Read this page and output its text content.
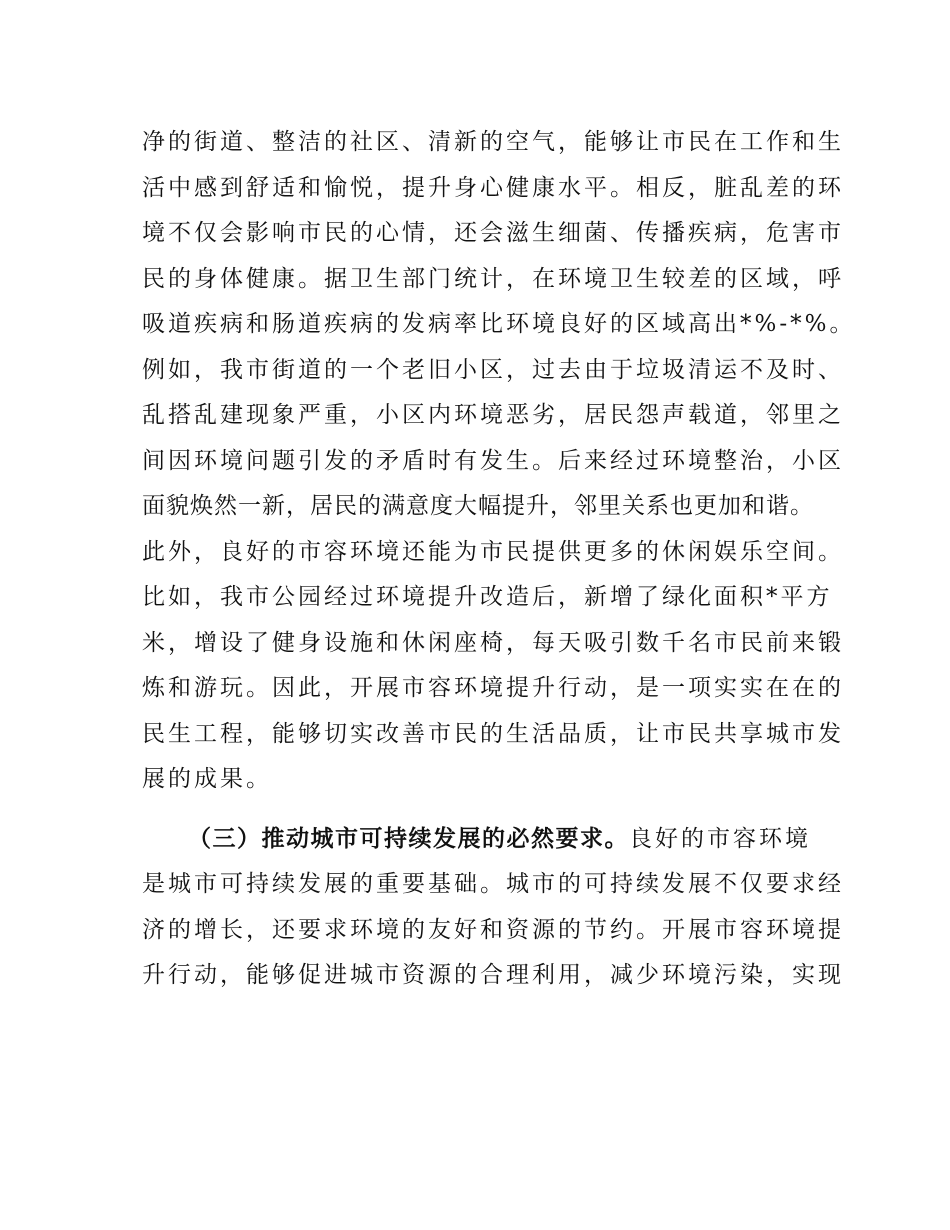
净的街道、整洁的社区、清新的空气，能够让市民在工作和生
活中感到舒适和愉悦，提升身心健康水平。相反，脏乱差的环
境不仅会影响市民的心情，还会滋生细菌、传播疾病，危害市
民的身体健康。据卫生部门统计，在环境卫生较差的区域，呼
吸道疾病和肠道疾病的发病率比环境良好的区域高出*%-*%。
例如，我市街道的一个老旧小区，过去由于垃圾清运不及时、
乱搭乱建现象严重，小区内环境恶劣，居民怨声载道，邻里之
间因环境问题引发的矛盾时有发生。后来经过环境整治，小区
面貌焕然一新，居民的满意度大幅提升，邻里关系也更加和谐。
此外，良好的市容环境还能为市民提供更多的休闲娱乐空间。
比如，我市公园经过环境提升改造后，新增了绿化面积*平方
米，增设了健身设施和休闲座椅，每天吸引数千名市民前来锻
炼和游玩。因此，开展市容环境提升行动，是一项实实在在的
民生工程，能够切实改善市民的生活品质，让市民共享城市发
展的成果。
（三）推动城市可持续发展的必然要求。良好的市容环境
是城市可持续发展的重要基础。城市的可持续发展不仅要求经
济的增长，还要求环境的友好和资源的节约。开展市容环境提
升行动，能够促进城市资源的合理利用，减少环境污染，实现
